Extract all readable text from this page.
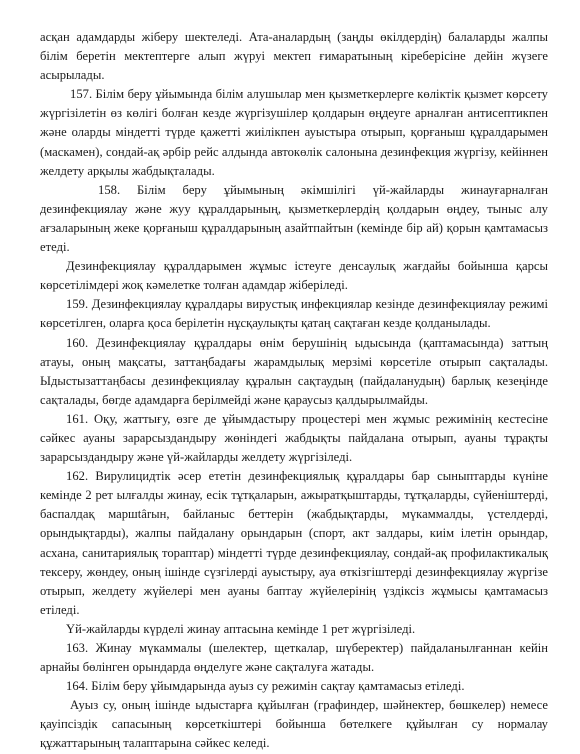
асқан адамдарды жіберу шектеледі. Ата-аналардың (заңды өкілдердің) балаларды жалпы білім беретін мектептерге алып жүруі мектеп ғимаратының кіреберісіне дейін жүзеге асырылады.

157. Білім беру ұйымында білім алушылар мен қызметкерлерге көліктік қызмет көрсету жүргізілетін өз көлігі болған кезде жүргізушілер қолдарын өңдеуге арналған антисептикпен және оларды міндетті түрде қажетті жиілікпен ауыстыра отырып, қорғаныш құралдарымен (маскамен), сондай-ақ әрбір рейс алдында автокөлік салонына дезинфекция жүргізу, кейіннен желдету арқылы жабдықталады.

158. Білім беру ұйымының әкімшілігі үй-жайларды жинауғарналған дезинфекциялау және жуу құралдарының, қызметкерлердің қолдарын өңдеу, тыныс алу ағзаларының жеке қорғаныш құралдарының азайтпайтын (кемінде бір ай) қорын қамтамасыз етеді.

Дезинфекциялау құралдарымен жұмыс істеуге денсаулық жағдайы бойынша қарсы көрсетілімдері жоқ кәмелетке толған адамдар жіберіледі.

159. Дезинфекциялау құралдары вирустық инфекциялар кезінде дезинфекциялау режимі көрсетілген, оларға қоса берілетін нұсқаулықты қатаң сақтаған кезде қолданылады.

160. Дезинфекциялау құралдары өнім берушінің ыдысында (қаптамасында) заттың атауы, оның мақсаты, заттаңбадағы жарамдылық мерзімі көрсетіле отырып сақталады. Ыдыстызаттаңбасы дезинфекциялау құралын сақтаудың (пайдаланудың) барлық кезеңінде сақталады, бөгде адамдарға берілмейді және қараусыз қалдырылмайды.

161. Оқу, жаттығу, өзге де ұйымдастыру процестері мен жұмыс режимінің кестесіне сәйкес ауаны зарарсыздандыру жөніндегі жабдықты пайдалана отырып, ауаны тұрақты зарарсыздандыру және үй-жайларды желдету жүргізіледі.

162. Вирулицидтік әсер ететін дезинфекциялық құралдары бар сыныптарды күніне кемінде 2 рет ылғалды жинау, есік тұтқаларын, ажыратқыштарды, тұтқаларды, сүйеніштерді, баспалдақ маршtârын, байланыс беттерін (жабдықтарды, мүкаммалды, үстелдерді, орындықтарды), жалпы пайдалану орындарын (спорт, акт залдары, киім ілетін орындар, асхана, санитариялық тораптар) міндетті түрде дезинфекциялау, сондай-ақ профилактикалық тексеру, жөндеу, оның ішінде сүзгілерді ауыстыру, ауа өткізгіштерді дезинфекциялау жүргізе отырып, желдету жүйелері мен ауаны баптау жүйелерінің үздіксіз жұмысы қамтамасыз етіледі.

Үй-жайларды күрделі жинау аптасына кемінде 1 рет жүргізіледі.

163. Жинау мүкаммалы (шелектер, щеткалар, шүберектер) пайдаланылғаннан кейін арнайы бөлінген орындарда өңделуге және сақталуға жатады.

164. Білім беру ұйымдарында ауыз су режимін сақтау қамтамасыз етіледі.

Ауыз су, оның ішінде ыдыстарға құйылған (графиндер, шәйнектер, бөшкелер) немесе қауіпсіздік сапасының көрсеткіштері бойынша бөтелкеге құйылған су нормалау құжаттарының талаптарына сәйкес келеді.
